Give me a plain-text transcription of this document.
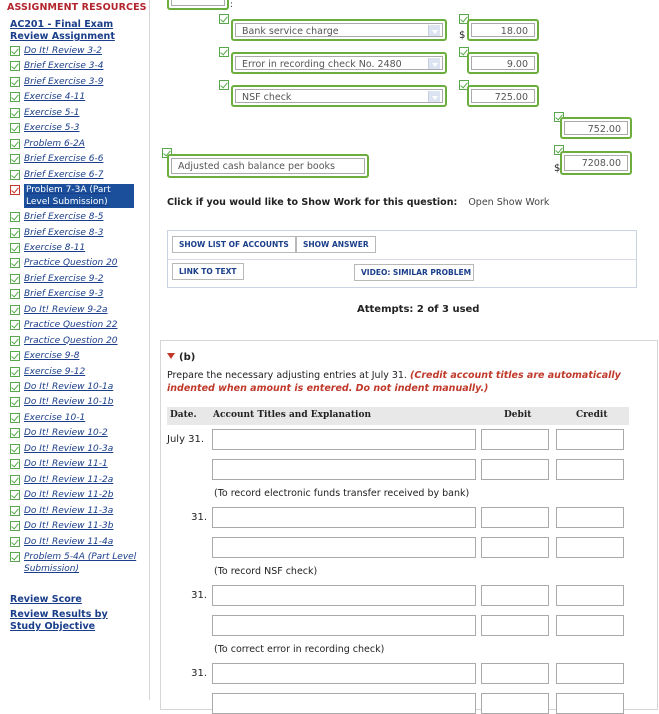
ASSIGNMENT RESOURCES
AC201 - Final Exam Review Assignment
Do It! Review 3-2
Brief Exercise 3-4
Brief Exercise 3-9
Exercise 4-11
Exercise 5-1
Exercise 5-3
Problem 6-2A
Brief Exercise 6-6
Brief Exercise 6-7
Problem 7-3A (Part Level Submission)
Brief Exercise 8-5
Brief Exercise 8-3
Exercise 8-11
Practice Question 20
Brief Exercise 9-2
Brief Exercise 9-3
Do It! Review 9-2a
Practice Question 22
Practice Question 20
Exercise 9-8
Exercise 9-12
Do It! Review 10-1a
Do It! Review 10-1b
Exercise 10-1
Do It! Review 10-2
Do It! Review 10-3a
Do It! Review 11-1
Do It! Review 11-2a
Do It! Review 11-2b
Do It! Review 11-3a
Do It! Review 11-3b
Do It! Review 11-4a
Problem 5-4A (Part Level Submission)
Review Score
Review Results by Study Objective
:
Bank service charge	$	18.00
Error in recording check No. 2480	9.00
NSF check	725.00
752.00
Adjusted cash balance per books	$	7208.00
Click if you would like to Show Work for this question: Open Show Work
SHOW LIST OF ACCOUNTS	SHOW ANSWER
LINK TO TEXT	VIDEO: SIMILAR PROBLEM
Attempts: 2 of 3 used
(b)
Prepare the necessary adjusting entries at July 31. (Credit account titles are automatically indented when amount is entered. Do not indent manually.)
Date. Account Titles and Explanation	Debit	Credit
July 31.
(To record electronic funds transfer received by bank)
31.
(To record NSF check)
31.
(To correct error in recording check)
31.
